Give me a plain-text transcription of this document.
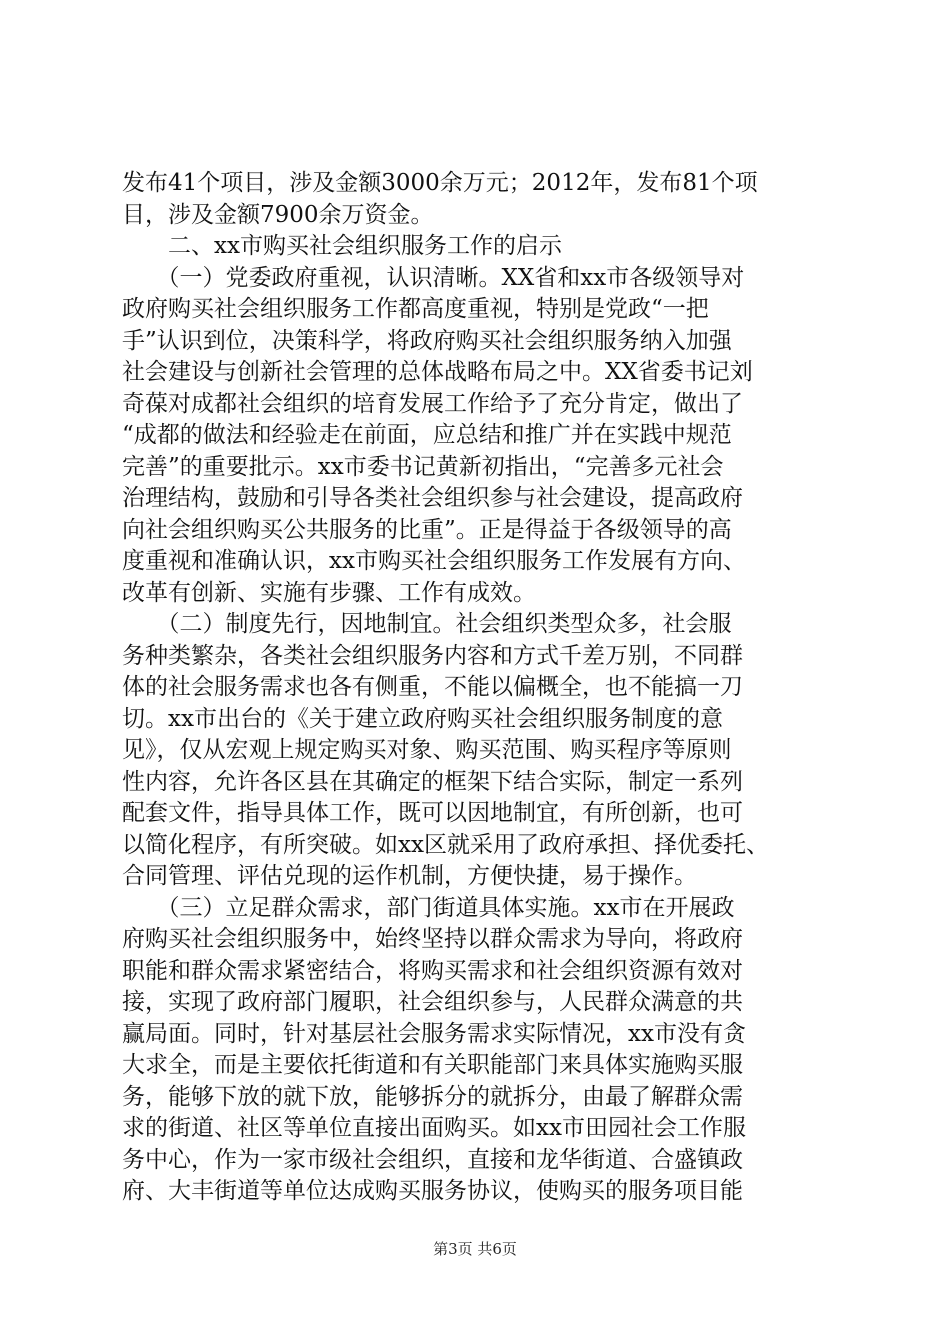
发布41个项目，涉及金额3000余万元；2012年，发布81个项
目，涉及金额7900余万资金。
　　二、xx市购买社会组织服务工作的启示
　　（一）党委政府重视，认识清晰。XX省和xx市各级领导对
政府购买社会组织服务工作都高度重视，特别是党政“一把
手”认识到位，决策科学，将政府购买社会组织服务纳入加强
社会建设与创新社会管理的总体战略布局之中。XX省委书记刘
奇葆对成都社会组织的培育发展工作给予了充分肯定，做出了
“成都的做法和经验走在前面，应总结和推广并在实践中规范
完善”的重要批示。xx市委书记黄新初指出，“完善多元社会
治理结构，鼓励和引导各类社会组织参与社会建设，提高政府
向社会组织购买公共服务的比重”。正是得益于各级领导的高
度重视和准确认识，xx市购买社会组织服务工作发展有方向、
改革有创新、实施有步骤、工作有成效。
　　（二）制度先行，因地制宜。社会组织类型众多，社会服
务种类繁杂，各类社会组织服务内容和方式千差万别，不同群
体的社会服务需求也各有侧重，不能以偏概全，也不能搞一刀
切。xx市出台的《关于建立政府购买社会组织服务制度的意
见》，仅从宏观上规定购买对象、购买范围、购买程序等原则
性内容，允许各区县在其确定的框架下结合实际，制定一系列
配套文件，指导具体工作，既可以因地制宜，有所创新，也可
以简化程序，有所突破。如xx区就采用了政府承担、择优委托、
合同管理、评估兑现的运作机制，方便快捷，易于操作。
　　（三）立足群众需求，部门街道具体实施。xx市在开展政
府购买社会组织服务中，始终坚持以群众需求为导向，将政府
职能和群众需求紧密结合，将购买需求和社会组织资源有效对
接，实现了政府部门履职，社会组织参与，人民群众满意的共
赢局面。同时，针对基层社会服务需求实际情况，xx市没有贪
大求全，而是主要依托街道和有关职能部门来具体实施购买服
务，能够下放的就下放，能够拆分的就拆分，由最了解群众需
求的街道、社区等单位直接出面购买。如xx市田园社会工作服
务中心，作为一家市级社会组织，直接和龙华街道、合盛镇政
府、大丰街道等单位达成购买服务协议，使购买的服务项目能
第3页 共6页
